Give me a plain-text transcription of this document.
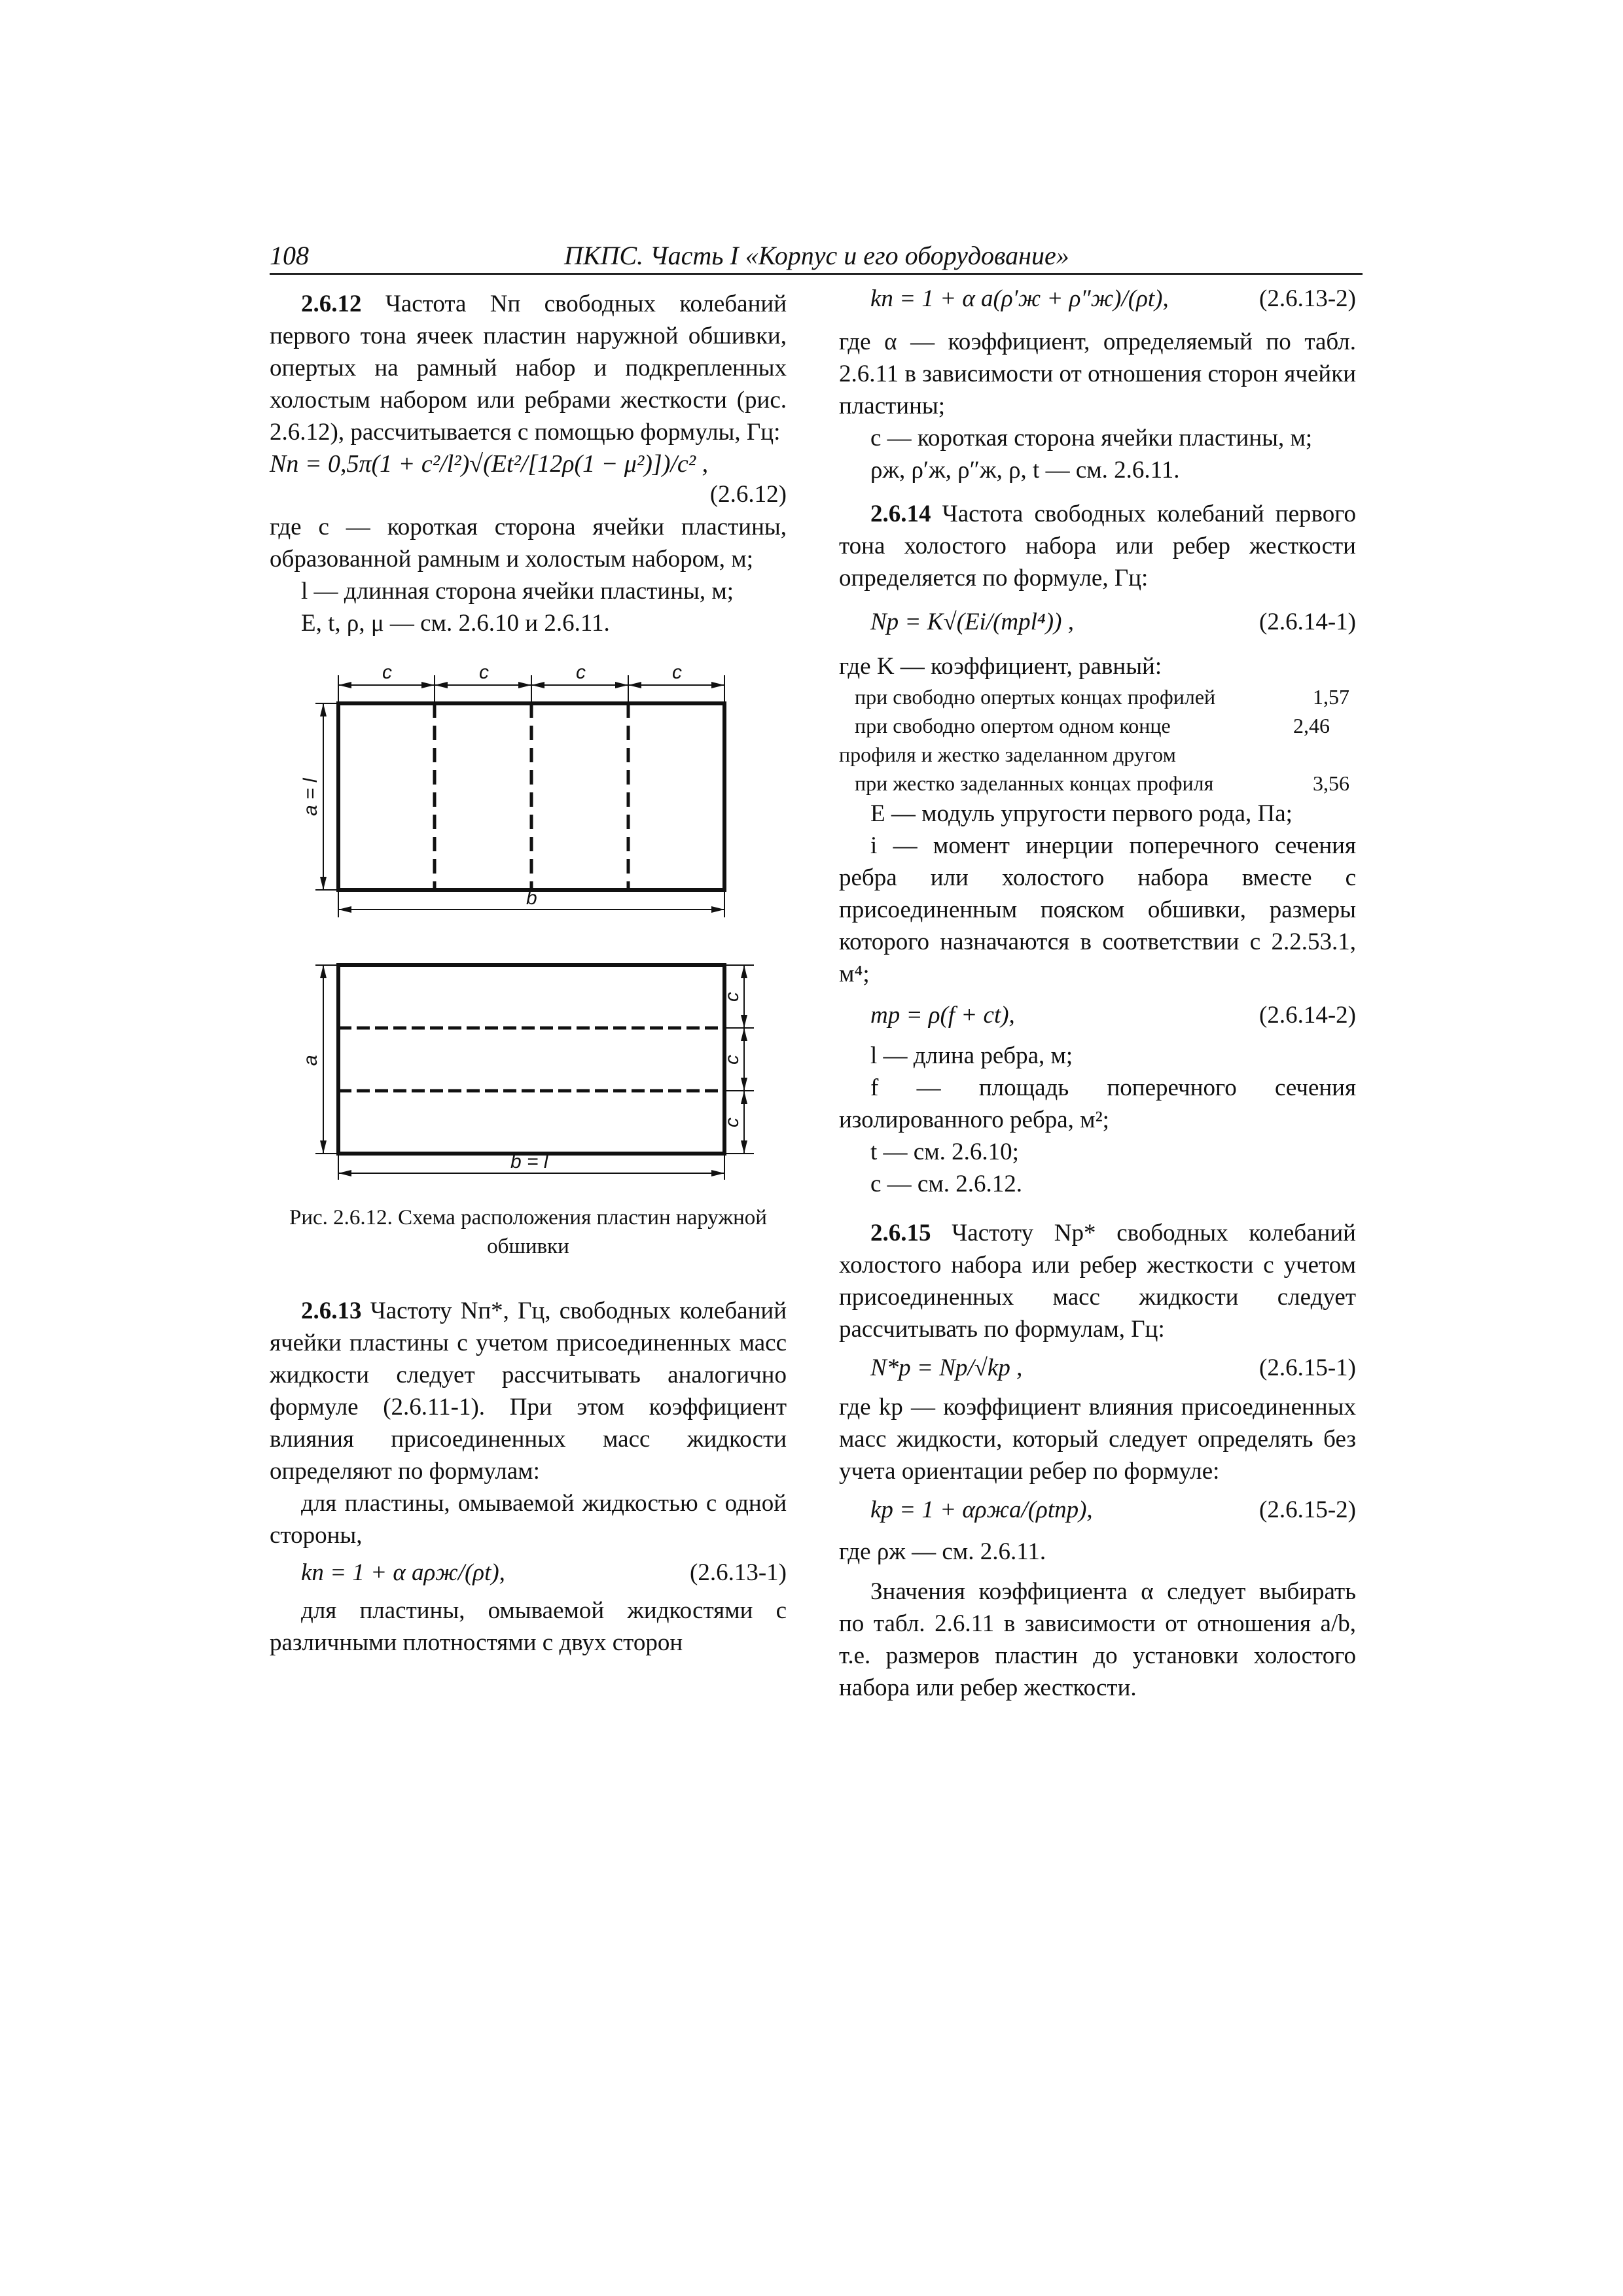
108	ПКПС. Часть I «Корпус и его оборудование»

2.6.12 Частота Nп свободных колебаний первого тона ячеек пластин наружной обшивки, опертых на рамный набор и подкрепленных холостым набором или ребрами жесткости (рис. 2.6.12), рассчитывается с помощью формулы, Гц:

Nп = 0,5π(1 + c²/l²)√(Et²/[12ρ(1 − μ²)])/c² ,
(2.6.12)

где c — короткая сторона ячейки пластины, образованной рамным и холостым набором, м;

l — длинная сторона ячейки пластины, м;

E, t, ρ, μ — см. 2.6.10 и 2.6.11.

c	c	c	c
a = l
b
a
c
c
c
b = l

Рис. 2.6.12. Схема расположения пластин наружной обшивки

2.6.13 Частоту Nп*, Гц, свободных колебаний ячейки пластины с учетом присоединенных масс жидкости следует рассчитывать аналогично формуле (2.6.11-1). При этом коэффициент влияния присоединенных масс жидкости определяют по формулам:

для пластины, омываемой жидкостью с одной стороны,

kп = 1 + α aρж/(ρt),	(2.6.13-1)

для пластины, омываемой жидкостями с различными плотностями с двух сторон

kп = 1 + α a(ρ′ж + ρ″ж)/(ρt),	(2.6.13-2)

где α — коэффициент, определяемый по табл. 2.6.11 в зависимости от отношения сторон ячейки пластины;

c — короткая сторона ячейки пластины, м;

ρж, ρ′ж, ρ″ж, ρ, t — см. 2.6.11.

2.6.14 Частота свободных колебаний первого тона холостого набора или ребер жесткости определяется по формуле, Гц:

Nр = K√(Ei/(mрl⁴)) ,	(2.6.14-1)

где K — коэффициент, равный:

при свободно опертых концах профилей	1,57
при свободно опертом одном конце	2,46
профиля и жестко заделанном другом
при жестко заделанных концах профиля	3,56

E — модуль упругости первого рода, Па;

i — момент инерции поперечного сечения ребра или холостого набора вместе с присоединенным пояском обшивки, размеры которого назначаются в соответствии с 2.2.53.1, м⁴;

mр = ρ(f + ct),	(2.6.14-2)

l — длина ребра, м;

f — площадь поперечного сечения изолированного ребра, м²;

t — см. 2.6.10;

c — см. 2.6.12.

2.6.15 Частоту Nр* свободных колебаний холостого набора или ребер жесткости с учетом присоединенных масс жидкости следует рассчитывать по формулам, Гц:

N*р = Nр/√kр ,	(2.6.15-1)

где kр — коэффициент влияния присоединенных масс жидкости, который следует определять без учета ориентации ребер по формуле:

kр = 1 + αρжa/(ρtпр),	(2.6.15-2)

где ρж — см. 2.6.11.

Значения коэффициента α следует выбирать по табл. 2.6.11 в зависимости от отношения a/b, т.е. размеров пластин до установки холостого набора или ребер жесткости.
